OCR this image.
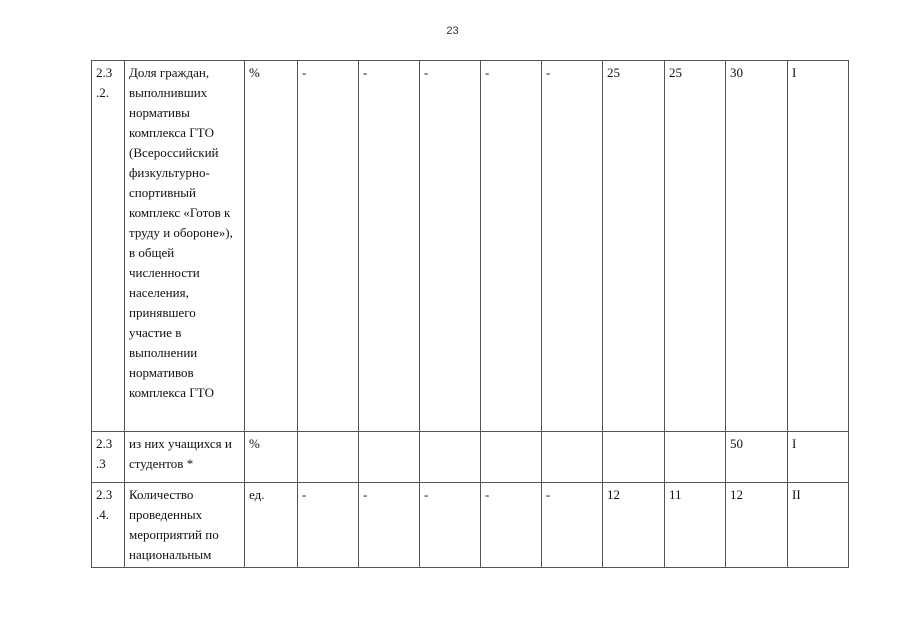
23
2.3
.2.	Доля граждан, выполнивших нормативы комплекса ГТО (Всероссийский физкультурно-спортивный комплекс «Готов к труду и обороне»), в общей численности населения, принявшего участие в выполнении нормативов комплекса ГТО	%	-	-	-	-	-	25	25	30	I
2.3
.3	из них учащихся и студентов *	%								50	I
2.3
.4.	Количество проведенных мероприятий по национальным	ед.	-	-	-	-	-	12	11	12	II
